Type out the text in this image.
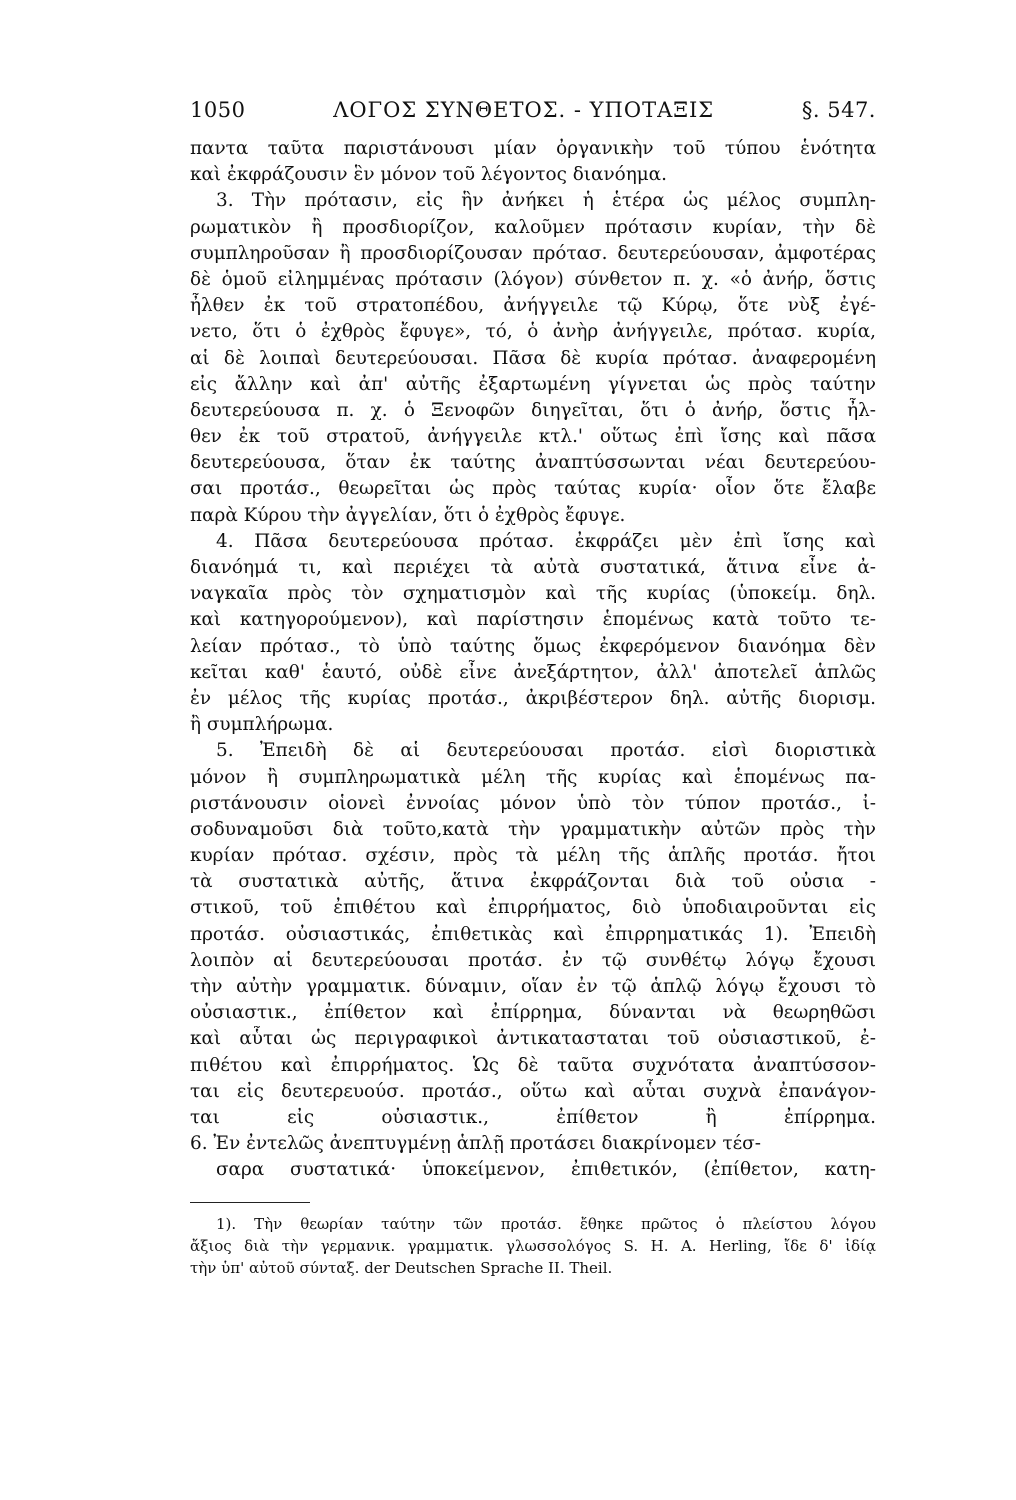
1050	ΛΟΓΟΣ ΣΥΝΘΕΤΟΣ. - ΥΠΟΤΑΞΙΣ	§. 547.
παντα ταῦτα παριστάνουσι μίαν ὀργανικὴν τοῦ τύπου ἑνότητα
καὶ ἐκφράζουσιν ἓν μόνον τοῦ λέγοντος διανόημα.
3. Τὴν πρότασιν, εἰς ἣν ἀνήκει ἡ ἑτέρα ὡς μέλος συμπλη-
ρωματικὸν ἢ προσδιορίζον, καλοῦμεν πρότασιν κυρίαν, τὴν δὲ
συμπληροῦσαν ἢ προσδιορίζουσαν πρότασ. δευτερεύουσαν, ἀμφοτέρας
δὲ ὁμοῦ εἰλημμένας πρότασιν (λόγον) σύνθετον π. χ. «ὁ ἀνήρ, ὅστις
ἦλθεν ἐκ τοῦ στρατοπέδου, ἀνήγγειλε τῷ Κύρῳ, ὅτε νὺξ ἐγέ-
νετο, ὅτι ὁ ἐχθρὸς ἔφυγε», τό, ὁ ἀνὴρ ἀνήγγειλε, πρότασ. κυρία,
αἱ δὲ λοιπαὶ δευτερεύουσαι. Πᾶσα δὲ κυρία πρότασ. ἀναφερομένη
εἰς ἄλλην καὶ ἀπ' αὐτῆς ἐξαρτωμένη γίγνεται ὡς πρὸς ταύτην
δευτερεύουσα π. χ. ὁ Ξενοφῶν διηγεῖται, ὅτι ὁ ἀνήρ, ὅστις ἦλ-
θεν ἐκ τοῦ στρατοῦ, ἀνήγγειλε κτλ.' οὕτως ἐπὶ ἴσης καὶ πᾶσα
δευτερεύουσα, ὅταν ἐκ ταύτης ἀναπτύσσωνται νέαι δευτερεύου-
σαι προτάσ., θεωρεῖται ὡς πρὸς ταύτας κυρία· οἷον ὅτε ἔλαβε
παρὰ Κύρου τὴν ἀγγελίαν, ὅτι ὁ ἐχθρὸς ἔφυγε.
4. Πᾶσα δευτερεύουσα πρότασ. ἐκφράζει μὲν ἐπὶ ἴσης καὶ
διανόημά τι, καὶ περιέχει τὰ αὐτὰ συστατικά, ἅτινα εἶνε ἀ-
ναγκαῖα πρὸς τὸν σχηματισμὸν καὶ τῆς κυρίας (ὑποκείμ. δηλ.
καὶ κατηγορούμενον), καὶ παρίστησιν ἑπομένως κατὰ τοῦτο τε-
λείαν πρότασ., τὸ ὑπὸ ταύτης ὅμως ἐκφερόμενον διανόημα δὲν
κεῖται καθ' ἑαυτό, οὐδὲ εἶνε ἀνεξάρτητον, ἀλλ' ἀποτελεῖ ἁπλῶς
ἐν μέλος τῆς κυρίας προτάσ., ἀκριβέστερον δηλ. αὐτῆς διορισμ.
ἢ συμπλήρωμα.
5. Ἐπειδὴ δὲ αἱ δευτερεύουσαι προτάσ. εἰσὶ διοριστικὰ
μόνον ἢ συμπληρωματικὰ μέλη τῆς κυρίας καὶ ἑπομένως πα-
ριστάνουσιν οἱονεὶ ἐννοίας μόνον ὑπὸ τὸν τύπον προτάσ., ἰ-
σοδυναμοῦσι διὰ τοῦτο,κατὰ τὴν γραμματικὴν αὐτῶν πρὸς τὴν
κυρίαν πρότασ. σχέσιν, πρὸς τὰ μέλη τῆς ἁπλῆς προτάσ. ἤτοι
τὰ συστατικὰ αὐτῆς, ἅτινα ἐκφράζονται διὰ τοῦ οὐσια -
στικοῦ, τοῦ ἐπιθέτου καὶ ἐπιρρήματος, διὸ ὑποδιαιροῦνται εἰς
προτάσ. οὐσιαστικάς, ἐπιθετικὰς καὶ ἐπιρρηματικάς 1). Ἐπειδὴ
λοιπὸν αἱ δευτερεύουσαι προτάσ. ἐν τῷ συνθέτῳ λόγῳ ἔχουσι
τὴν αὐτὴν γραμματικ. δύναμιν, οἵαν ἐν τῷ ἁπλῷ λόγῳ ἔχουσι τὸ
οὐσιαστικ., ἐπίθετον καὶ ἐπίρρημα, δύνανται νὰ θεωρηθῶσι
καὶ αὗται ὡς περιγραφικοὶ ἀντικατασταται τοῦ οὐσιαστικοῦ, ἐ-
πιθέτου καὶ ἐπιρρήματος. Ὡς δὲ ταῦτα συχνότατα ἀναπτύσσον-
ται εἰς δευτερευούσ. προτάσ., οὕτω καὶ αὗται συχνὰ ἐπανάγον-
ται εἰς οὐσιαστικ., ἐπίθετον ἢ ἐπίρρημα.
6. Ἐν ἐντελῶς ἀνεπτυγμένῃ ἁπλῇ προτάσει διακρίνομεν τέσ-
σαρα συστατικά· ὑποκείμενον, ἐπιθετικόν, (ἐπίθετον, κατη-
1). Τὴν θεωρίαν ταύτην τῶν προτάσ. ἔθηκε πρῶτος ὁ πλείστου λόγου
ἄξιος διὰ τὴν γερμανικ. γραμματικ. γλωσσολόγος S. H. A. Herling, ἴδε δ' ἰδίᾳ
τὴν ὑπ' αὐτοῦ σύνταξ. der Deutschen Sprache II. Theil.
